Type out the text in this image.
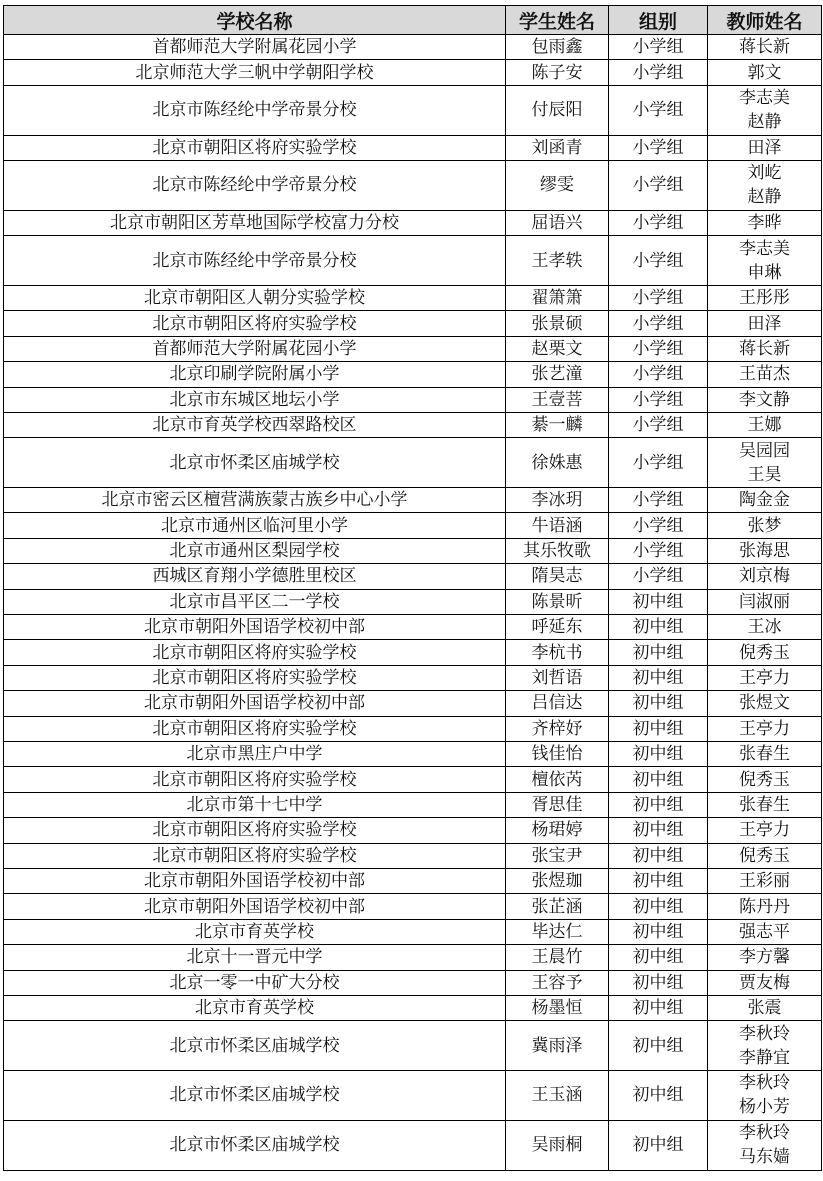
学校名称	学生姓名	组别	教师姓名
首都师范大学附属花园小学	包雨鑫	小学组	蒋长新
北京师范大学三帆中学朝阳学校	陈子安	小学组	郭文
北京市陈经纶中学帝景分校	付辰阳	小学组	李志美
赵静

北京市朝阳区将府实验学校	刘函青	小学组	田泽
北京市陈经纶中学帝景分校	缪雯	小学组	刘屹
赵静

北京市朝阳区芳草地国际学校富力分校	屈语兴	小学组	李晔
北京市陈经纶中学帝景分校	王孝轶	小学组	李志美
申琳

北京市朝阳区人朝分实验学校	翟箫箫	小学组	王彤彤
北京市朝阳区将府实验学校	张景硕	小学组	田泽
首都师范大学附属花园小学	赵栗文	小学组	蒋长新
北京印刷学院附属小学	张艺潼	小学组	王苗杰
北京市东城区地坛小学	王壹菩	小学组	李文静
北京市育英学校西翠路校区	綦一麟	小学组	王娜
北京市怀柔区庙城学校	徐姝惠	小学组	吴园园
王昊

北京市密云区檀营满族蒙古族乡中心小学	李冰玥	小学组	陶金金
北京市通州区临河里小学	牛语涵	小学组	张梦
北京市通州区梨园学校	其乐牧歌	小学组	张海思
西城区育翔小学德胜里校区	隋昊志	小学组	刘京梅
北京市昌平区二一学校	陈景昕	初中组	闫淑丽
北京市朝阳外国语学校初中部	呼延东	初中组	王冰
北京市朝阳区将府实验学校	李杭书	初中组	倪秀玉
北京市朝阳区将府实验学校	刘哲语	初中组	王亭力
北京市朝阳外国语学校初中部	吕信达	初中组	张煜文
北京市朝阳区将府实验学校	齐梓妤	初中组	王亭力
北京市黑庄户中学	钱佳怡	初中组	张春生
北京市朝阳区将府实验学校	檀依芮	初中组	倪秀玉
北京市第十七中学	胥思佳	初中组	张春生
北京市朝阳区将府实验学校	杨珺婷	初中组	王亭力
北京市朝阳区将府实验学校	张宝尹	初中组	倪秀玉
北京市朝阳外国语学校初中部	张煜珈	初中组	王彩丽
北京市朝阳外国语学校初中部	张芷涵	初中组	陈丹丹
北京市育英学校	毕达仁	初中组	强志平
北京十一晋元中学	王晨竹	初中组	李方馨
北京一零一中矿大分校	王容予	初中组	贾友梅
北京市育英学校	杨墨恒	初中组	张震
北京市怀柔区庙城学校	冀雨泽	初中组	李秋玲
李静宜

北京市怀柔区庙城学校	王玉涵	初中组	李秋玲
杨小芳

北京市怀柔区庙城学校	吴雨桐	初中组	李秋玲
马东嫱
